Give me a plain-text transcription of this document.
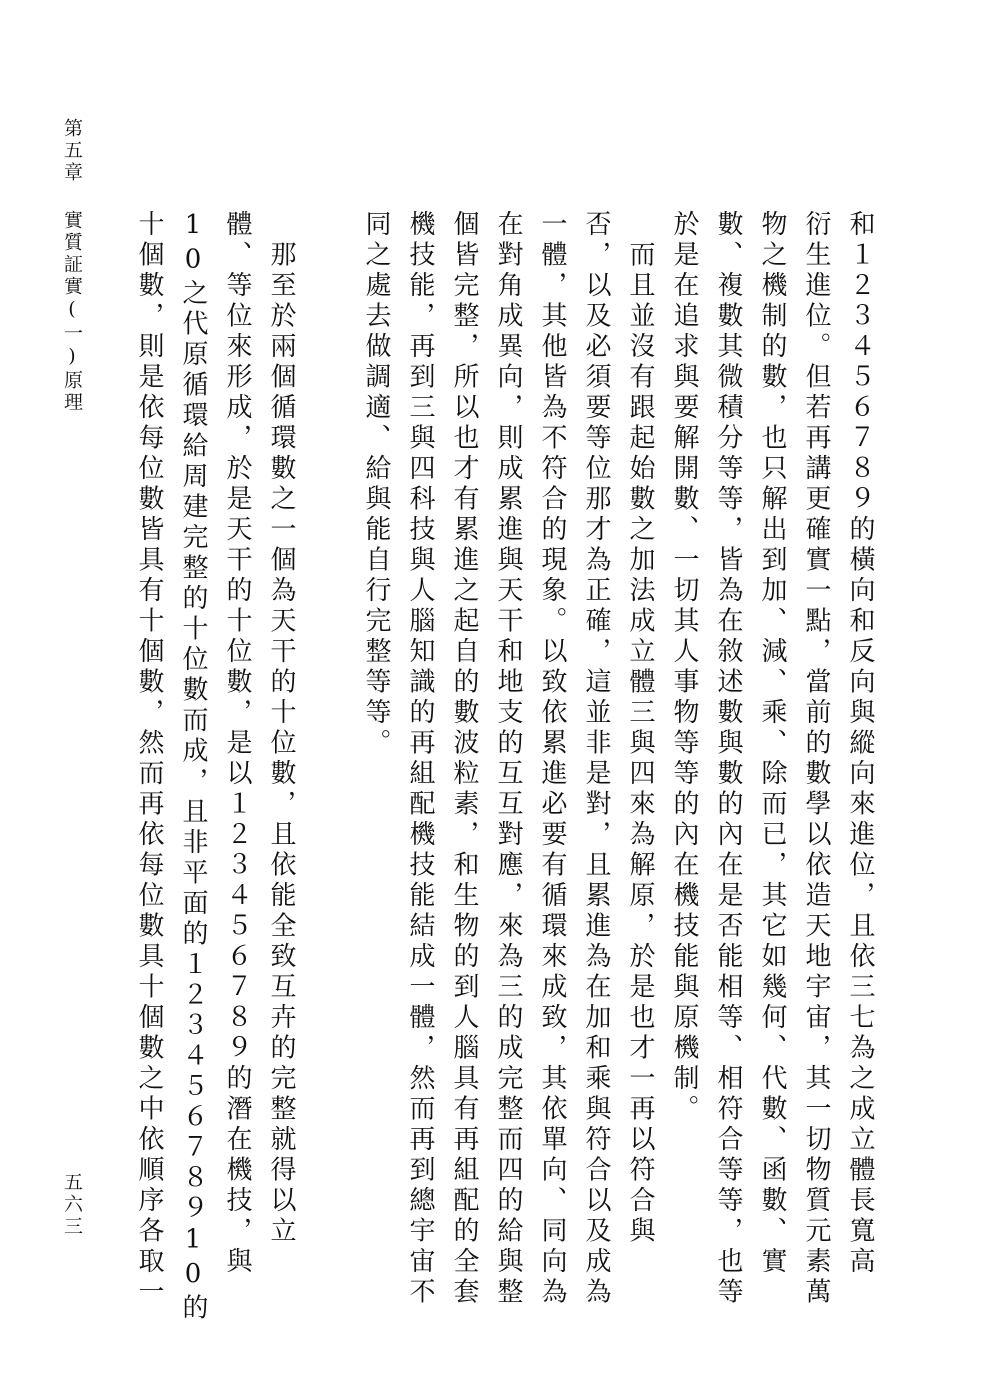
第五章實質証實(一)原理
五六三	和１２３４５６７８９的橫向和反向與縱向來進位，且依三七為之成立體長寬高
衍生進位。但若再講更確實一點，當前的數學以依造天地宇宙，其一切物質元素萬
物之機制的數，也只解出到加、減、乘、除而已，其它如幾何、代數、函數、實
數、複數其微積分等等，皆為在敘述數與數的內在是否能相等、相符合等等，也等
於是在追求與要解開數、一切其人事物等等的內在機技能與原機制。
　而且並沒有跟起始數之加法成立體三與四來為解原，於是也才一再以符合與
否，以及必須要等位那才為正確，這並非是對，且累進為在加和乘與符合以及成為
一體，其他皆為不符合的現象。以致依累進必要有循環來成致，其依單向、同向為
在對角成異向，則成累進與天干和地支的互互對應，來為三的成完整而四的給與整
個皆完整，所以也才有累進之起自的數波粒素，和生物的到人腦具有再組配的全套
機技能，再到三與四科技與人腦知識的再組配機技能結成一體，然而再到總宇宙不
同之處去做調適、給與能自行完整等等。
　那至於兩個循環數之一個為天干的十位數，且依能全致互卉的完整就得以立
體、等位來形成，於是天干的十位數，是以１２３４５６７８９的潛在機技，與
10之代原循環給周建完整的十位數而成，且非平面的１２３４５６７８９10的
十個數，則是依每位數皆具有十個數，然而再依每位數具十個數之中依順序各取一
